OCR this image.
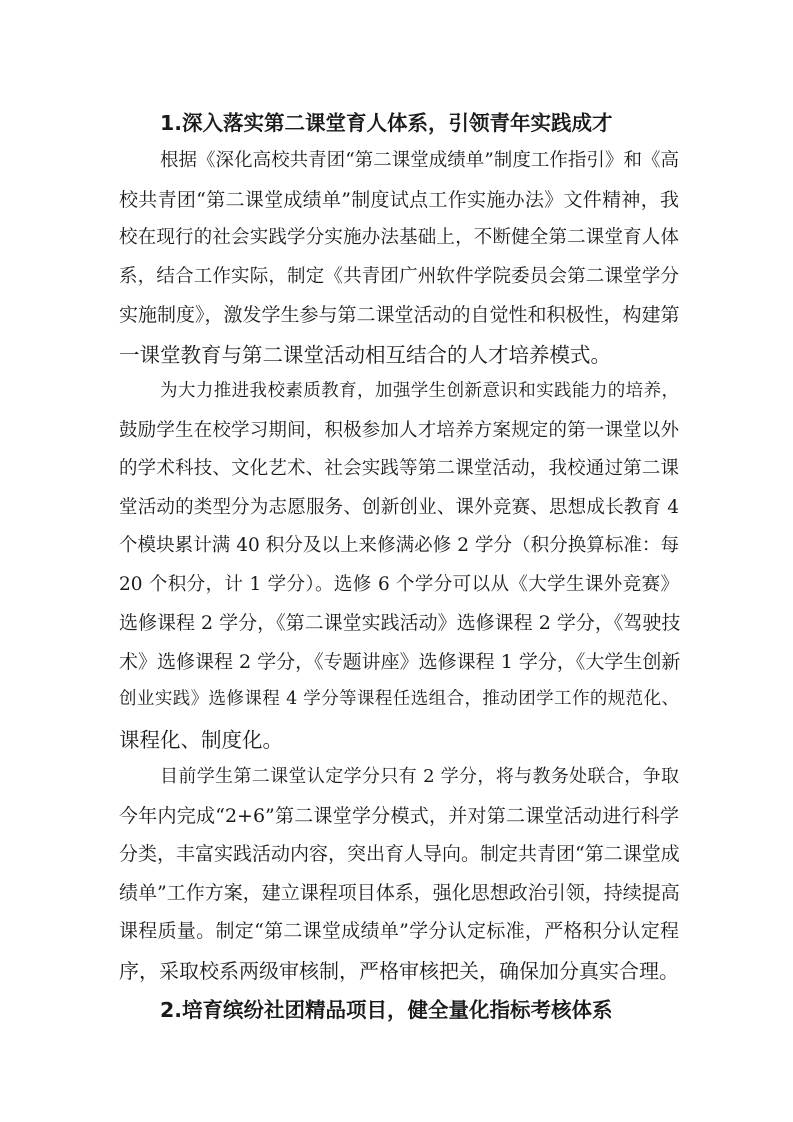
1.深入落实第二课堂育人体系，引领青年实践成才
根据《深化高校共青团“第二课堂成绩单”制度工作指引》和《高
校共青团“第二课堂成绩单”制度试点工作实施办法》文件精神，我
校在现行的社会实践学分实施办法基础上，不断健全第二课堂育人体
系，结合工作实际，制定《共青团广州软件学院委员会第二课堂学分
实施制度》，激发学生参与第二课堂活动的自觉性和积极性，构建第
一课堂教育与第二课堂活动相互结合的人才培养模式。
为大力推进我校素质教育，加强学生创新意识和实践能力的培养，
鼓励学生在校学习期间，积极参加人才培养方案规定的第一课堂以外
的学术科技、文化艺术、社会实践等第二课堂活动，我校通过第二课
堂活动的类型分为志愿服务、创新创业、课外竞赛、思想成长教育 4
个模块累计满 40 积分及以上来修满必修 2 学分（积分换算标准：每
20 个积分，计 1 学分）。选修 6 个学分可以从《大学生课外竞赛》
选修课程 2 学分，《第二课堂实践活动》选修课程 2 学分，《驾驶技
术》选修课程 2 学分，《专题讲座》选修课程 1 学分，《大学生创新
创业实践》选修课程 4 学分等课程任选组合，推动团学工作的规范化、
课程化、制度化。
目前学生第二课堂认定学分只有 2 学分，将与教务处联合，争取
今年内完成“2+6”第二课堂学分模式，并对第二课堂活动进行科学
分类，丰富实践活动内容，突出育人导向。制定共青团“第二课堂成
绩单”工作方案，建立课程项目体系，强化思想政治引领，持续提高
课程质量。制定“第二课堂成绩单”学分认定标准，严格积分认定程
序，采取校系两级审核制，严格审核把关，确保加分真实合理。
2.培育缤纷社团精品项目，健全量化指标考核体系
